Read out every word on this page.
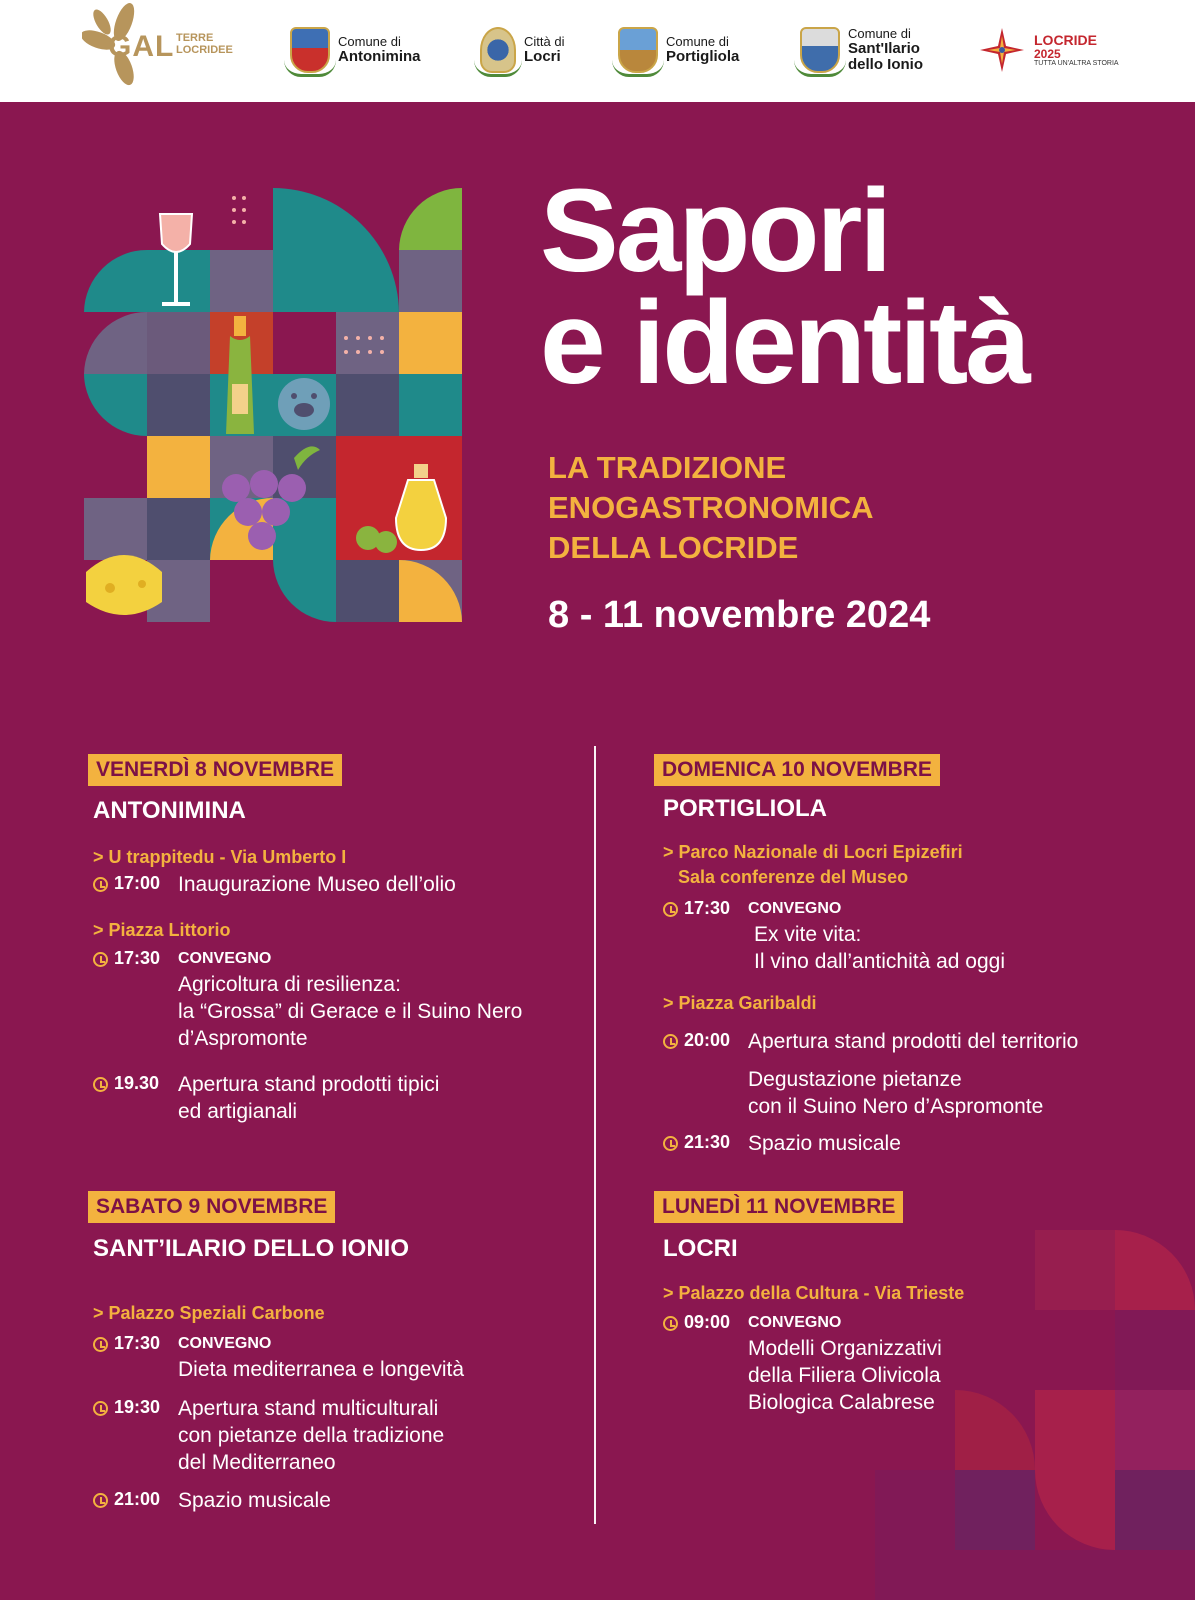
GAL TERRE
LOCRIDEE
Comune di
Antonimina
Città di
Locri
Comune di
Portigliola
Comune di
Sant'Ilario
dello Ionio
LOCRIDE
2025
TUTTA UN'ALTRA STORIA
Sapori
e identità
LA TRADIZIONE
ENOGASTRONOMICA
DELLA LOCRIDE
8 - 11 novembre 2024
VENERDÌ 8 NOVEMBRE
ANTONIMINA
> U trappitedu - Via Umberto I
17:00 Inaugurazione Museo dell’olio
> Piazza Littorio
17:30 CONVEGNO
Agricoltura di resilienza:
la “Grossa” di Gerace e il Suino Nero
d’Aspromonte
19.30 Apertura stand prodotti tipici
ed artigianali
SABATO 9 NOVEMBRE
SANT’ILARIO DELLO IONIO
> Palazzo Speziali Carbone
17:30 CONVEGNO
Dieta mediterranea e longevità
19:30 Apertura stand multiculturali
con pietanze della tradizione
del Mediterraneo
21:00 Spazio musicale
DOMENICA 10 NOVEMBRE
PORTIGLIOLA
> Parco Nazionale di Locri Epizefiri
Sala conferenze del Museo
17:30 CONVEGNO
Ex vite vita:
Il vino dall’antichità ad oggi
> Piazza Garibaldi
20:00 Apertura stand prodotti del territorio
Degustazione pietanze
con il Suino Nero d’Aspromonte
21:30 Spazio musicale
LUNEDÌ 11 NOVEMBRE
LOCRI
> Palazzo della Cultura - Via Trieste
09:00 CONVEGNO
Modelli Organizzativi
della Filiera Olivicola
Biologica Calabrese
